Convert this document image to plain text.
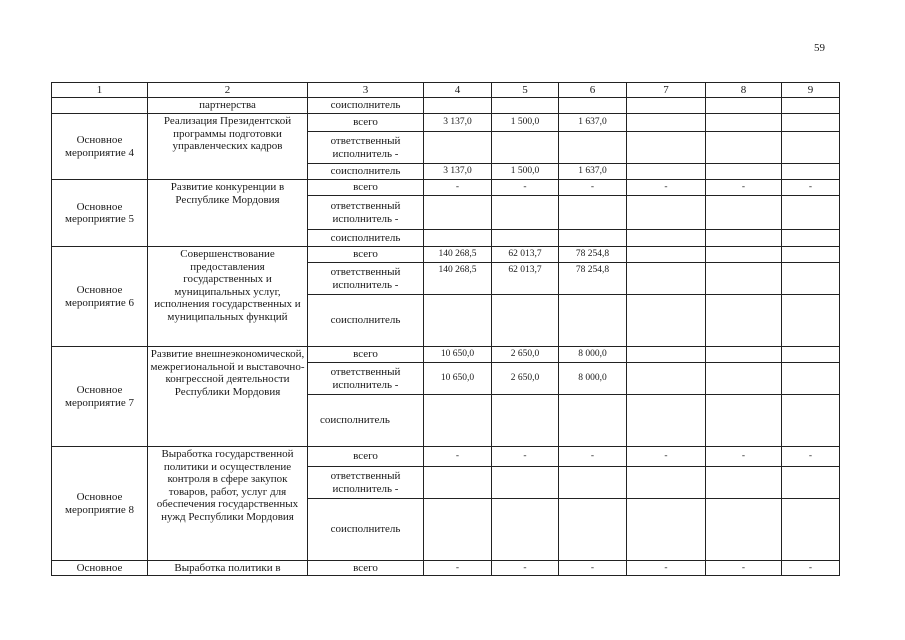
59
1	2	3	4	5	6	7	8	9
	партнерства	соисполнитель						
Основное мероприятие 4	Реализация Президентской программы подготовки управленческих кадров	всего	3 137,0	1 500,0	1 637,0			
		ответственный исполнитель -						
		соисполнитель	3 137,0	1 500,0	1 637,0			
Основное мероприятие 5	Развитие конкуренции в Республике Мордовия	всего	-	-	-	-	-	-
		ответственный исполнитель -						
		соисполнитель						
Основное мероприятие 6	Совершенствование предоставления государственных и муниципальных услуг, исполнения государственных и муниципальных функций	всего	140 268,5	62 013,7	78 254,8			
		ответственный исполнитель -	140 268,5	62 013,7	78 254,8			
		соисполнитель						
Основное мероприятие 7	Развитие внешнеэкономической, межрегиональной и выставочно-конгрессной деятельности Республики Мордовия	всего	10 650,0	2 650,0	8 000,0			
		ответственный исполнитель -	10 650,0	2 650,0	8 000,0			
		соисполнитель						
Основное мероприятие 8	Выработка государственной политики и осуществление контроля в сфере закупок товаров, работ, услуг для обеспечения государственных нужд Республики Мордовия	всего	-	-	-	-	-	-
		ответственный исполнитель -						
		соисполнитель						
Основное	Выработка политики в	всего	-	-	-	-	-	-
